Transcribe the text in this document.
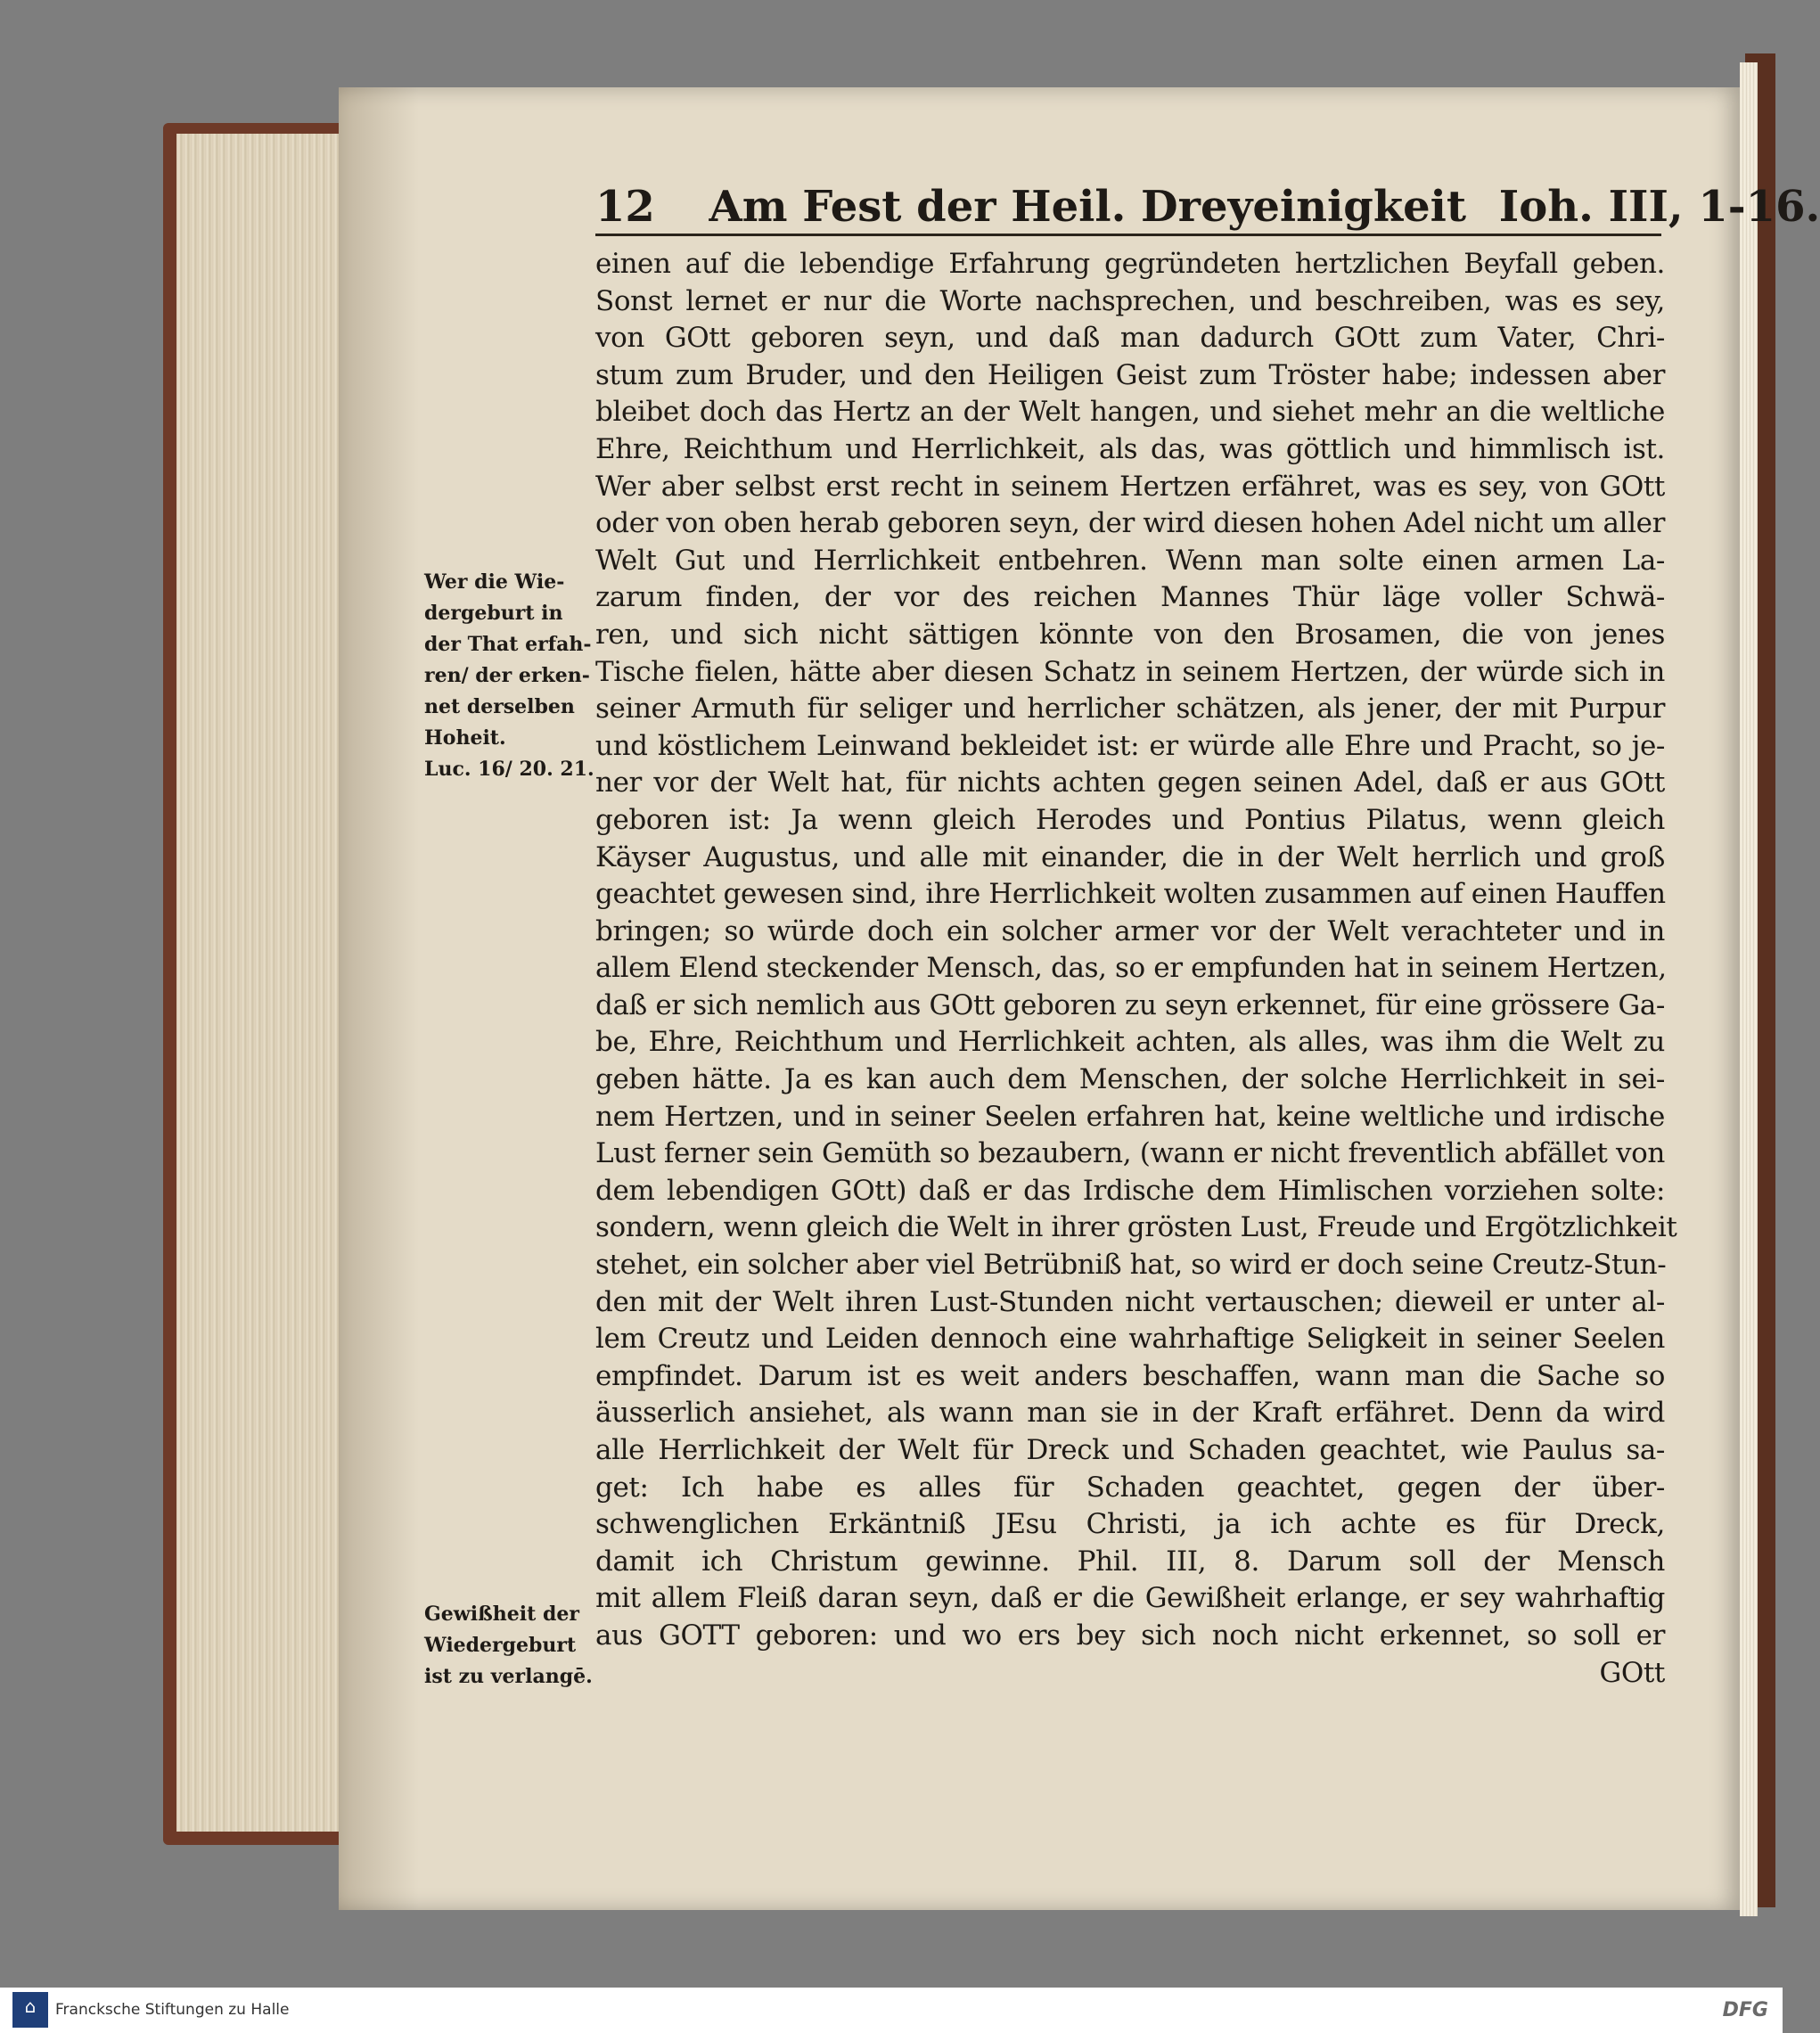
12 Am Fest der Heil. Dreyeinigkeit Ioh. III, 1-16.
einen auf die lebendige Erfahrung gegründeten hertzlichen Beyfall geben.
Sonst lernet er nur die Worte nachsprechen, und beschreiben, was es sey,
von GOtt geboren seyn, und daß man dadurch GOtt zum Vater, Chri-
stum zum Bruder, und den Heiligen Geist zum Tröster habe; indessen aber
bleibet doch das Hertz an der Welt hangen, und siehet mehr an die weltliche
Ehre, Reichthum und Herrlichkeit, als das, was göttlich und himmlisch ist.
Wer aber selbst erst recht in seinem Hertzen erfähret, was es sey, von GOtt
oder von oben herab geboren seyn, der wird diesen hohen Adel nicht um aller
Welt Gut und Herrlichkeit entbehren. Wenn man solte einen armen La-
zarum finden, der vor des reichen Mannes Thür läge voller Schwä-
ren, und sich nicht sättigen könnte von den Brosamen, die von jenes
Tische fielen, hätte aber diesen Schatz in seinem Hertzen, der würde sich in
seiner Armuth für seliger und herrlicher schätzen, als jener, der mit Purpur
und köstlichem Leinwand bekleidet ist: er würde alle Ehre und Pracht, so je-
ner vor der Welt hat, für nichts achten gegen seinen Adel, daß er aus GOtt
geboren ist: Ja wenn gleich Herodes und Pontius Pilatus, wenn gleich
Käyser Augustus, und alle mit einander, die in der Welt herrlich und groß
geachtet gewesen sind, ihre Herrlichkeit wolten zusammen auf einen Hauffen
bringen; so würde doch ein solcher armer vor der Welt verachteter und in
allem Elend steckender Mensch, das, so er empfunden hat in seinem Hertzen,
daß er sich nemlich aus GOtt geboren zu seyn erkennet, für eine grössere Ga-
be, Ehre, Reichthum und Herrlichkeit achten, als alles, was ihm die Welt zu
geben hätte. Ja es kan auch dem Menschen, der solche Herrlichkeit in sei-
nem Hertzen, und in seiner Seelen erfahren hat, keine weltliche und irdische
Lust ferner sein Gemüth so bezaubern, (wann er nicht freventlich abfället von
dem lebendigen GOtt) daß er das Irdische dem Himlischen vorziehen solte:
sondern, wenn gleich die Welt in ihrer grösten Lust, Freude und Ergötzlichkeit
stehet, ein solcher aber viel Betrübniß hat, so wird er doch seine Creutz-Stun-
den mit der Welt ihren Lust-Stunden nicht vertauschen; dieweil er unter al-
lem Creutz und Leiden dennoch eine wahrhaftige Seligkeit in seiner Seelen
empfindet. Darum ist es weit anders beschaffen, wann man die Sache so
äusserlich ansiehet, als wann man sie in der Kraft erfähret. Denn da wird
alle Herrlichkeit der Welt für Dreck und Schaden geachtet, wie Paulus sa-
get: Ich habe es alles für Schaden geachtet, gegen der über-
schwenglichen Erkäntniß JEsu Christi, ja ich achte es für Dreck,
damit ich Christum gewinne. Phil. III, 8. Darum soll der Mensch
mit allem Fleiß daran seyn, daß er die Gewißheit erlange, er sey wahrhaftig
aus GOTT geboren: und wo ers bey sich noch nicht erkennet, so soll er
GOtt
Wer die Wie-
dergeburt in
der That erfah-
ren/ der erken-
net derselben
Hoheit.
Luc. 16/ 20. 21.
Gewißheit der
Wiedergeburt
ist zu verlangē.
⌂ Francksche Stiftungen zu Halle	DFG
